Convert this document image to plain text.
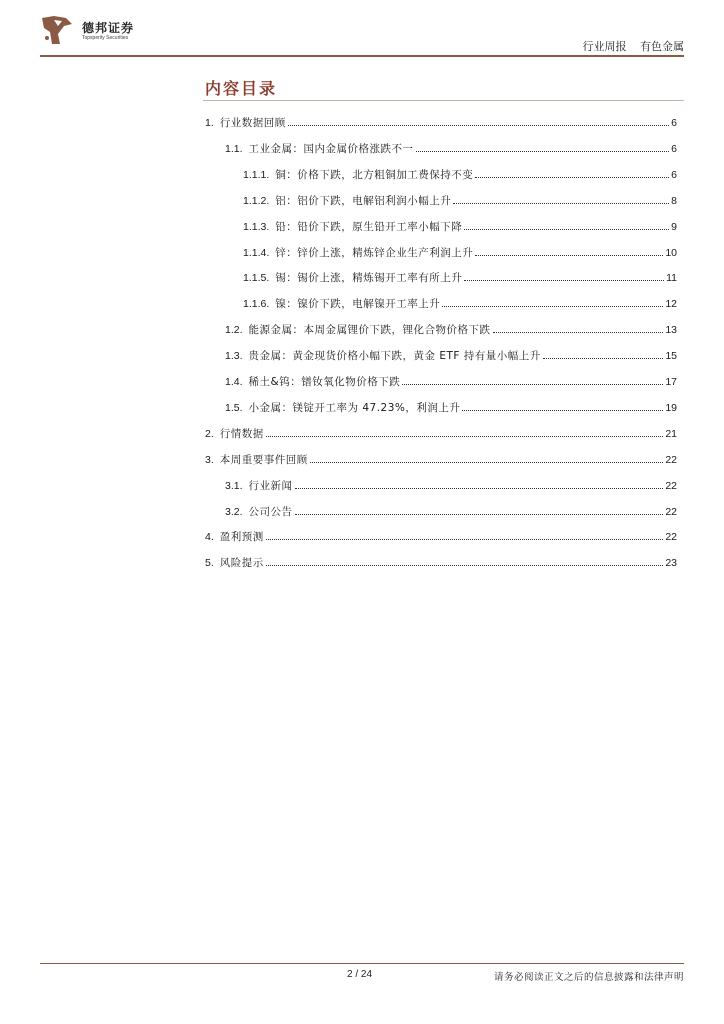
德邦证券
Topsperity Securities
行业周报 有色金属
内容目录
1. 行业数据回顾	6
1.1. 工业金属：国内金属价格涨跌不一	6
1.1.1. 铜：价格下跌，北方粗铜加工费保持不变	6
1.1.2. 铝：铝价下跌，电解铝利润小幅上升	8
1.1.3. 铅：铅价下跌，原生铅开工率小幅下降	9
1.1.4. 锌：锌价上涨，精炼锌企业生产利润上升	10
1.1.5. 锡：锡价上涨，精炼锡开工率有所上升	11
1.1.6. 镍：镍价下跌，电解镍开工率上升	12
1.2. 能源金属：本周金属锂价下跌，锂化合物价格下跌	13
1.3. 贵金属：黄金现货价格小幅下跌，黄金 ETF 持有量小幅上升	15
1.4. 稀土&钨：镨钕氧化物价格下跌	17
1.5. 小金属：镁锭开工率为 47.23%，利润上升	19
2. 行情数据	21
3. 本周重要事件回顾	22
3.1. 行业新闻	22
3.2. 公司公告	22
4. 盈利预测	22
5. 风险提示	23
2 / 24	请务必阅读正文之后的信息披露和法律声明
